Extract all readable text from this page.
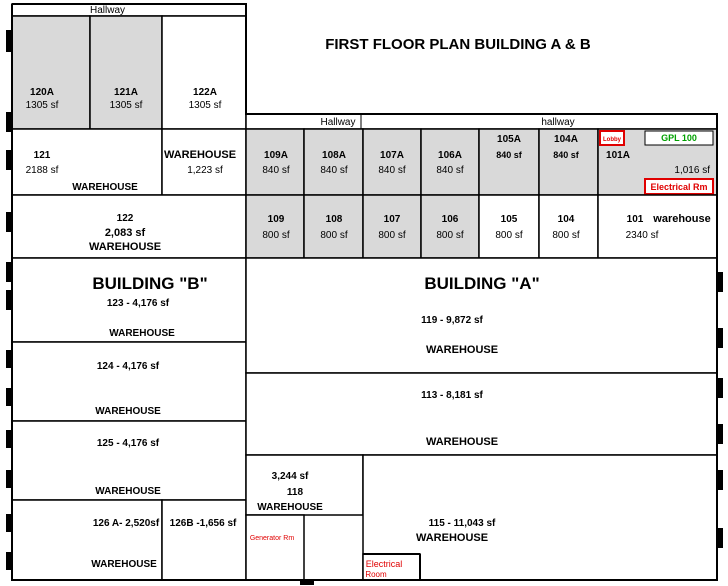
Hallway
120A
1305 sf
121A
1305 sf
122A
1305 sf
121
2188 sf
WAREHOUSE
WAREHOUSE
1,223 sf
122
2,083 sf
WAREHOUSE
FIRST FLOOR PLAN BUILDING A & B
Hallway	hallway
109A
840 sf
108A
840 sf
107A
840 sf
106A
840 sf
105A
840 sf
104A
840 sf	101A
1,016 sf
Lobby	GPL 100
Electrical Rm
109
800 sf
108
800 sf
107
800 sf
106
800 sf
105
800 sf
104
800 sf
101 warehouse
2340 sf
BUILDING "B"
123 - 4,176 sf
WAREHOUSE
124 - 4,176 sf
WAREHOUSE
125 - 4,176 sf
WAREHOUSE
126 A- 2,520sf
WAREHOUSE
126B -1,656 sf
BUILDING "A"
119 - 9,872 sf
WAREHOUSE
113 - 8,181 sf
WAREHOUSE
3,244 sf
118
WAREHOUSE
115 - 11,043 sf
WAREHOUSE
Generator Rm
Electrical
Room
